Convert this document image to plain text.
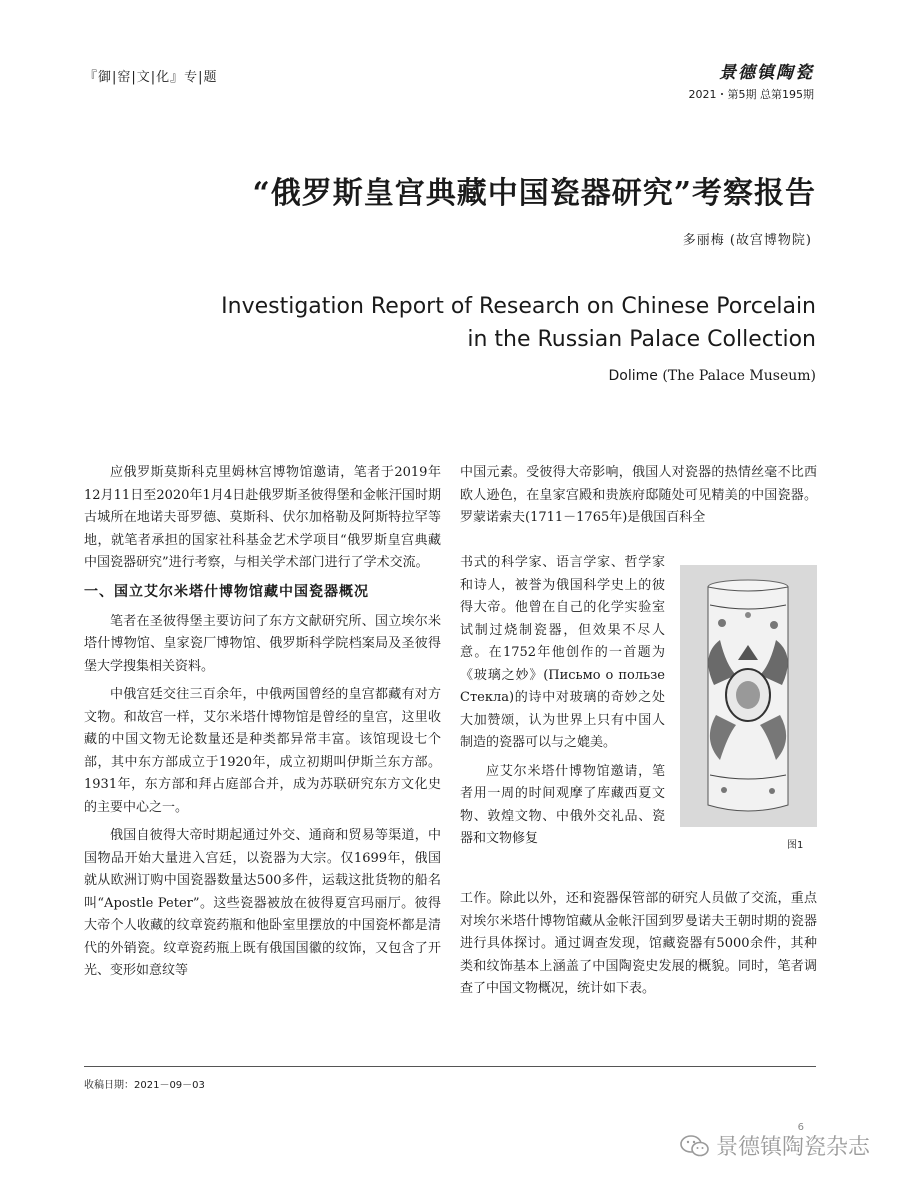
『御|窑|文|化』专|题	景德镇陶瓷
2021・第5期 总第195期
“俄罗斯皇宫典藏中国瓷器研究”考察报告
多丽梅 (故宫博物院)
Investigation Report of Research on Chinese Porcelain in the Russian Palace Collection
Dolime (The Palace Museum)

应俄罗斯莫斯科克里姆林宫博物馆邀请，笔者于2019年12月11日至2020年1月4日赴俄罗斯圣彼得堡和金帐汗国时期古城所在地诺夫哥罗德、莫斯科、伏尔加格勒及阿斯特拉罕等地，就笔者承担的国家社科基金艺术学项目“俄罗斯皇宫典藏中国瓷器研究”进行考察，与相关学术部门进行了学术交流。

一、国立艾尔米塔什博物馆藏中国瓷器概况

笔者在圣彼得堡主要访问了东方文献研究所、国立埃尔米塔什博物馆、皇家瓷厂博物馆、俄罗斯科学院档案局及圣彼得堡大学搜集相关资料。

中俄宫廷交往三百余年，中俄两国曾经的皇宫都藏有对方文物。和故宫一样，艾尔米塔什博物馆是曾经的皇宫，这里收藏的中国文物无论数量还是种类都异常丰富。该馆现设七个部，其中东方部成立于1920年，成立初期叫伊斯兰东方部。1931年，东方部和拜占庭部合并，成为苏联研究东方文化史的主要中心之一。

俄国自彼得大帝时期起通过外交、通商和贸易等渠道，中国物品开始大量进入宫廷，以瓷器为大宗。仅1699年，俄国就从欧洲订购中国瓷器数量达500多件，运载这批货物的船名叫“Apostle Peter”。这些瓷器被放在彼得夏宫玛丽厅。彼得大帝个人收藏的纹章瓷药瓶和他卧室里摆放的中国瓷杯都是清代的外销瓷。纹章瓷药瓶上既有俄国国徽的纹饰，又包含了开光、变形如意纹等

中国元素。受彼得大帝影响，俄国人对瓷器的热情丝毫不比西欧人逊色，在皇家宫殿和贵族府邸随处可见精美的中国瓷器。罗蒙诺索夫(1711－1765年)是俄国百科全

书式的科学家、语言学家、哲学家和诗人，被誉为俄国科学史上的彼得大帝。他曾在自己的化学实验室试制过烧制瓷器，但效果不尽人意。在1752年他创作的一首题为《玻璃之妙》(Письмо о пользе Стекла)的诗中对玻璃的奇妙之处大加赞颂，认为世界上只有中国人制造的瓷器可以与之媲美。

应艾尔米塔什博物馆邀请，笔者用一周的时间观摩了库藏西夏文物、敦煌文物、中俄外交礼品、瓷器和文物修复

工作。除此以外，还和瓷器保管部的研究人员做了交流，重点对埃尔米塔什博物馆藏从金帐汗国到罗曼诺夫王朝时期的瓷器进行具体探讨。通过调查发现，馆藏瓷器有5000余件，其种类和纹饰基本上涵盖了中国陶瓷史发展的概貌。同时，笔者调查了中国文物概况，统计如下表。

图1
收稿日期：2021－09－03
6
景德镇陶瓷杂志
